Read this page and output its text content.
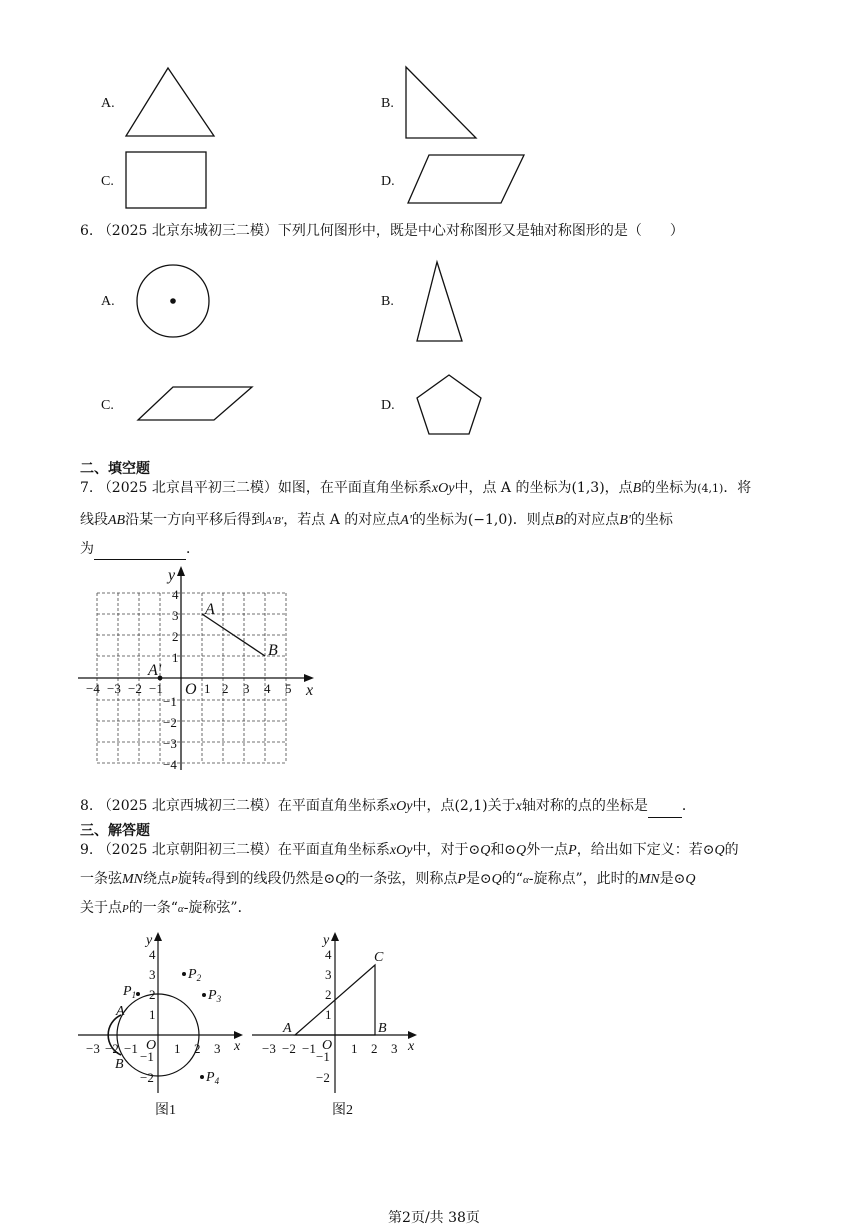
A.	B.
C.	D.
6. （2025 北京东城初三二模）下列几何图形中，既是中心对称图形又是轴对称图形的是（　　）
A.	B.
C.	D.
二、填空题
7. （2025 北京昌平初三二模）如图，在平面直角坐标系xOy中，点 A 的坐标为(1,3)，点B的坐标为(4,1)．将
线段AB沿某一方向平移后得到A'B'，若点 A 的对应点A'的坐标为(−1,0)．则点B的对应点B'的坐标
为	．
−4 −3 −2 −1	1 2 3 4 5
1
2
3
4
−1
−2
−3
−4
x
y
O
A
B
A'
8. （2025 北京西城初三二模）在平面直角坐标系xOy中，点(2,1)关于x轴对称的点的坐标是 ．
三、解答题
9. （2025 北京朝阳初三二模）在平面直角坐标系xOy中，对于⊙Q和⊙Q外一点P，给出如下定义：若⊙Q的
一条弦MN绕点P旋转α得到的线段仍然是⊙Q的一条弦，则称点P是⊙Q的“α-旋称点”，此时的MN是⊙Q
关于点P的一条“α-旋称弦”．
−3 −2 −1	1 2 3
1
2
3
4
−1
−2
x
y
O
A
B
$P_1$
$P_2$
$P_3$
$P_4$
图1
−3 −2 −1	1 2 3
1
2
3
4
−1
−2
x
y
O
A	B
C
图2
第2页/共 38页
